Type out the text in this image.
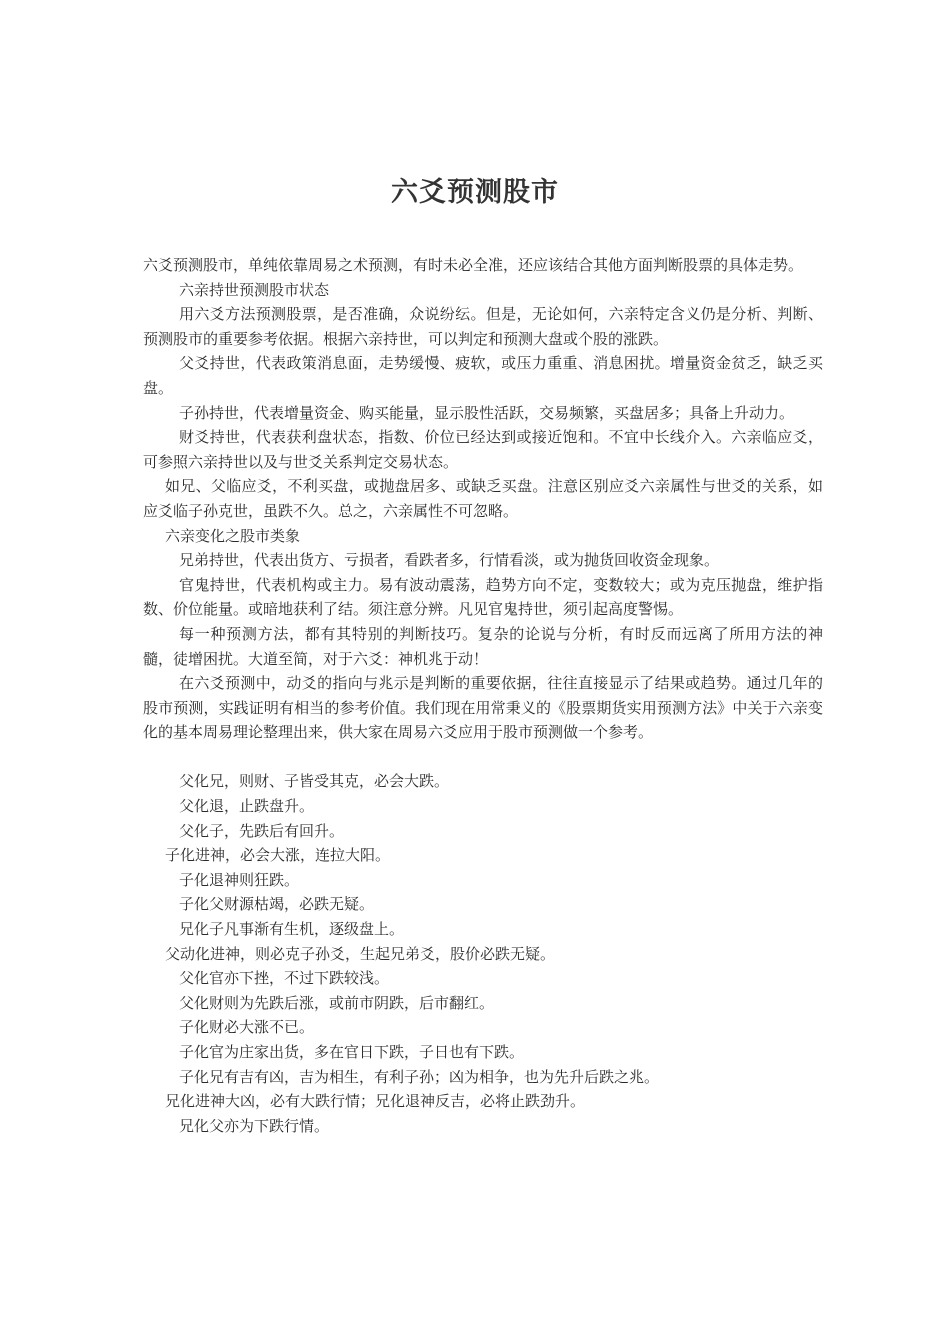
六爻预测股市

六爻预测股市，单纯依靠周易之术预测，有时未必全准，还应该结合其他方面判断股票的具体走势。

六亲持世预测股市状态

用六爻方法预测股票，是否准确，众说纷纭。但是，无论如何，六亲特定含义仍是分析、判断、预测股市的重要参考依据。根据六亲持世，可以判定和预测大盘或个股的涨跌。

父爻持世，代表政策消息面，走势缓慢、疲软，或压力重重、消息困扰。增量资金贫乏，缺乏买盘。

子孙持世，代表增量资金、购买能量，显示股性活跃，交易频繁，买盘居多；具备上升动力。

财爻持世，代表获利盘状态，指数、价位已经达到或接近饱和。不宜中长线介入。六亲临应爻，可参照六亲持世以及与世爻关系判定交易状态。

如兄、父临应爻，不利买盘，或抛盘居多、或缺乏买盘。注意区别应爻六亲属性与世爻的关系，如应爻临子孙克世，虽跌不久。总之，六亲属性不可忽略。

六亲变化之股市类象

兄弟持世，代表出货方、亏损者，看跌者多，行情看淡，或为抛货回收资金现象。

官鬼持世，代表机构或主力。易有波动震荡，趋势方向不定，变数较大；或为克压抛盘，维护指数、价位能量。或暗地获利了结。须注意分辨。凡见官鬼持世，须引起高度警惕。

每一种预测方法，都有其特别的判断技巧。复杂的论说与分析，有时反而远离了所用方法的神髓，徒增困扰。大道至简，对于六爻：神机兆于动！

在六爻预测中，动爻的指向与兆示是判断的重要依据，往往直接显示了结果或趋势。通过几年的股市预测，实践证明有相当的参考价值。我们现在用常秉义的《股票期货实用预测方法》中关于六亲变化的基本周易理论整理出来，供大家在周易六爻应用于股市预测做一个参考。

父化兄，则财、子皆受其克，必会大跌。

父化退，止跌盘升。

父化子，先跌后有回升。

子化进神，必会大涨，连拉大阳。

子化退神则狂跌。

子化父财源枯竭，必跌无疑。

兄化子凡事渐有生机，逐级盘上。

父动化进神，则必克子孙爻，生起兄弟爻，股价必跌无疑。

父化官亦下挫，不过下跌较浅。

父化财则为先跌后涨，或前市阴跌，后市翻红。

子化财必大涨不已。

子化官为庄家出货，多在官日下跌，子日也有下跌。

子化兄有吉有凶，吉为相生，有利子孙；凶为相争，也为先升后跌之兆。

兄化进神大凶，必有大跌行情；兄化退神反吉，必将止跌劲升。

兄化父亦为下跌行情。
